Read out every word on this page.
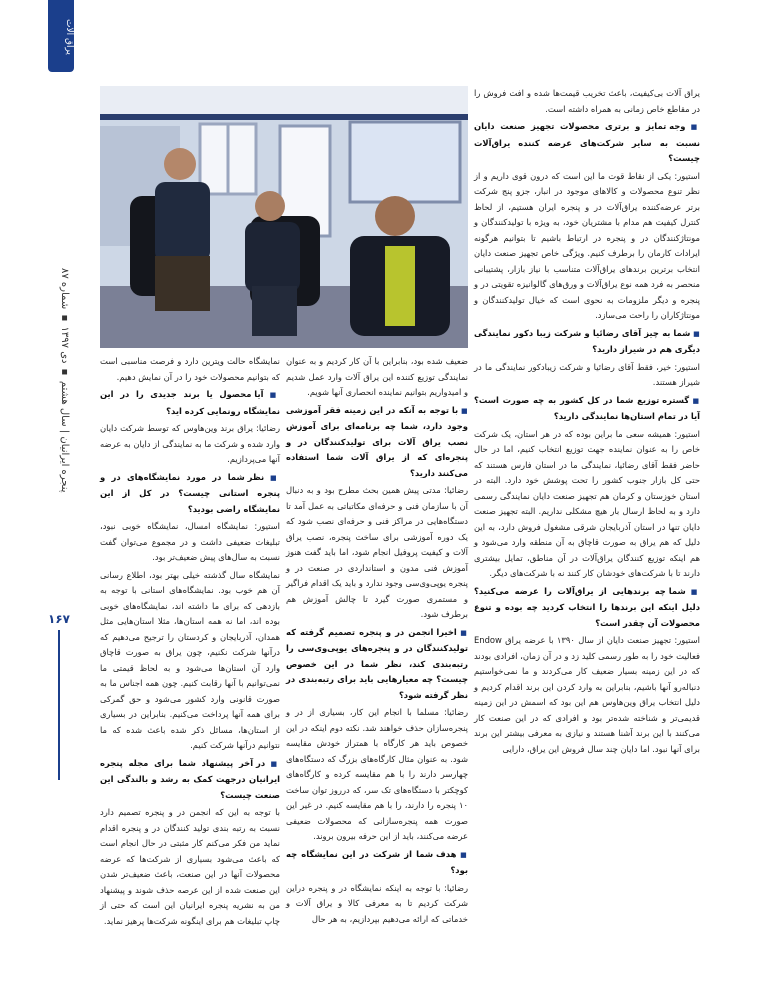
یراق آلات
پنجره ایرانیان | سال هشتم ▪ دی ۱۳۹۷ ▪ شماره ۸۷
۱۶۷

یراق آلات بی‌کیفیت، باعث تخریب قیمت‌ها شده و افت فروش را در مقاطع خاص زمانی به همراه داشته است.

■ وجه تمایز و برتری محصولات تجهیز صنعت دایان نسبت به سایر شرکت‌های عرضه کننده یراق‌آلات چیست؟

استیور: یکی از نقاط قوت ما این است که درون قوی داریم و از نظر تنوع محصولات و کالاهای موجود در انبار، جزو پنج شرکت برتر عرضه‌کننده یراق‌آلات در و پنجره ایران هستیم، از لحاظ کنترل کیفیت هم مدام با مشتریان خود، به ویژه با تولیدکنندگان و مونتاژکنندگان در و پنجره در ارتباط باشیم تا بتوانیم هرگونه ایرادات کارمان را برطرف کنیم. ویژگی خاص تجهیز صنعت دایان انتخاب برترین برندهای یراق‌آلات متناسب با نیاز بازار، پشتیبانی منحصر به فرد همه نوع یراق‌آلات و ورق‌های گالوانیزه تقویتی در و پنجره و دیگر ملزومات به نحوی است که خیال تولیدکنندگان و مونتاژکاران را راحت می‌سازد.

■ شما به چیز آقای رضائیا و شرکت زیبا دکور نمایندگی دیگری هم در شیراز دارید؟

استیور: خیر، فقط آقای رضائیا و شرکت زیبادکور نمایندگی ما در شیراز هستند.

■ گستره توزیع شما در کل کشور به چه صورت است؟ آیا در تمام استان‌ها نمایندگی دارید؟

استیور: همیشه سعی ما براین بوده که در هر استان، یک شرکت خاص را به عنوان نماینده جهت توزیع انتخاب کنیم، اما در حال حاضر فقط آقای رضائیا، نمایندگی ما در استان فارس هستند که حتی کل بازار جنوب کشور را تحت پوشش خود دارد. البته در استان خوزستان و کرمان هم تجهیز صنعت دایان نمایندگی رسمی دارد و به لحاظ ارسال بار هیچ مشکلی نداریم. البته تجهیز صنعت دایان تنها در استان آذربایجان شرقی مشغول فروش دارد، به این دلیل که هم یراق به صورت قاچاق به آن منطقه وارد می‌شود و هم اینکه توزیع کنندگان یراق‌آلات در آن مناطق، تمایل بیشتری دارند تا با شرکت‌های خودشان کار کنند نه با شرکت‌های دیگر.

■ شما چه برندهایی از یراق‌آلات را عرضه می‌کنید؟ دلیل اینکه این برندها را انتخاب کردید چه بوده و تنوع محصولات آن چقدر است؟

استیور: تجهیز صنعت دایان از سال ۱۳۹۰ با عرضه یراق Endow فعالیت خود را به طور رسمی کلید زد و در آن زمان، افرادی بودند که در این زمینه بسیار ضعیف کار می‌کردند و ما نمی‌خواستیم دنباله‌رو آنها باشیم، بنابراین به وارد کردن این برند اقدام کردیم و دلیل انتخاب یراق وین‌هاوس هم این بود که اسمش در این زمینه قدیمی‌تر و شناخته شده‌تر بود و افرادی که در این صنعت کار می‌کنند با این برند آشنا هستند و نیازی به معرفی بیشتر این برند برای آنها نبود. اما دایان چند سال فروش این یراق، دارایی

ضعیف شده بود، بنابراین با آن کار کردیم و به عنوان نمایندگی توزیع کننده این یراق آلات وارد عمل شدیم و امیدواریم بتوانیم نماینده انحصاری آنها شویم.

■ با توجه به آنکه در این زمینه فقر آموزشی وجود دارد، شما چه برنامه‌ای برای آموزش نصب یراق آلات برای تولیدکنندگان در و پنجره‌ای که از یراق آلات شما استفاده می‌کنند دارید؟

رضائیا: مدتی پیش همین بحث مطرح بود و به دنبال آن با سازمان فنی و حرفه‌ای مکاتباتی به عمل آمد تا دستگاه‌هایی در مراکز فنی و حرفه‌ای نصب شود که یک دوره آموزشی برای ساخت پنجره، نصب یراق آلات و کیفیت پروفیل انجام شود، اما باید گفت هنوز آموزش فنی مدون و استانداردی در صنعت در و پنجره یوپی‌وی‌سی وجود ندارد و باید یک اقدام فراگیر و مستمری صورت گیرد تا چالش آموزش هم برطرف شود.

■ اخیرا انجمن در و پنجره تصمیم گرفته که تولیدکنندگان در و پنجره‌های یوپی‌وی‌سی را رتبه‌بندی کند، نظر شما در این خصوص چیست؟ چه معیارهایی باید برای رتبه‌بندی در نظر گرفته شود؟

رضائیا: مسلما با انجام این کار، بسیاری از در و پنجره‌سازان حذف خواهند شد. نکته دوم اینکه در این خصوص باید هر کارگاه با همتراز خودش مقایسه شود. به عنوان مثال کارگاه‌های بزرگ که دستگاه‌های چهارسر دارند را با هم مقایسه کرده و کارگاه‌های کوچکتر با دستگاه‌های تک سر، که درروز توان ساخت ۱۰ پنجره را دارند، را با هم مقایسه کنیم. در غیر این صورت همه پنجره‌سازانی که محصولات ضعیفی عرضه می‌کنند، باید از این حرفه بیرون بروند.

■ هدف شما از شرکت در این نمایشگاه چه بود؟

رضائیا: با توجه به اینکه نمایشگاه در و پنجره دراین شرکت کردیم تا به معرفی کالا و یراق آلات و خدماتی که ارائه می‌دهیم بپردازیم، به هر حال

نمایشگاه حالت ویترین دارد و فرصت مناسبی است که بتوانیم محصولات خود را در آن نمایش دهیم.

■ آیا محصول یا برند جدیدی را در این نمایشگاه رونمایی کرده اید؟

رضائیا: یراق برند وین‌هاوس که توسط شرکت دایان وارد شده و شرکت ما به نمایندگی از دایان به عرضه آنها می‌پردازیم.

■ نظر شما در مورد نمایشگاه‌های در و پنجره استانی چیست؟ در کل از این نمایشگاه راضی بودید؟

استیور: نمایشگاه امسال، نمایشگاه خوبی نبود، تبلیغات ضعیفی داشت و در مجموع می‌توان گفت نسبت به سال‌های پیش ضعیف‌تر بود.

نمایشگاه سال گذشته خیلی بهتر بود، اطلاع رسانی آن هم خوب بود. نمایشگاه‌های استانی با توجه به بازدهی که برای ما داشته اند، نمایشگاه‌های خوبی بوده اند، اما نه همه استان‌ها، مثلا استان‌هایی مثل همدان، آذربایجان و کردستان را ترجیح می‌دهیم که درآنها شرکت نکنیم، چون یراق به صورت قاچاق وارد آن استان‌ها می‌شود و به لحاظ قیمتی ما نمی‌توانیم با آنها رقابت کنیم. چون همه اجناس ما به صورت قانونی وارد کشور می‌شود و حق گمرکی برای همه آنها پرداخت می‌کنیم. بنابراین در بسیاری از استان‌ها، مسائل ذکر شده باعث شده که ما نتوانیم درآنها شرکت کنیم.

■ در آخر پیشنهاد شما برای مجله پنجره ایرانیان درجهت کمک به رشد و بالندگی این صنعت چیست؟

با توجه به این که انجمن در و پنجره تصمیم دارد نسبت به رتبه بندی تولید کنندگان در و پنجره اقدام نماید من فکر می‌کنم کار مثبتی در حال انجام است که باعث می‌شود بسیاری از شرکت‌ها که عرضه محصولات آنها در این صنعت، باعث ضعیف‌تر شدن این صنعت شده از این عرصه حذف شوند و پیشنهاد من به نشریه پنجره ایرانیان این است که حتی از چاپ تبلیغات هم برای اینگونه شرکت‌ها پرهیز نماید.
